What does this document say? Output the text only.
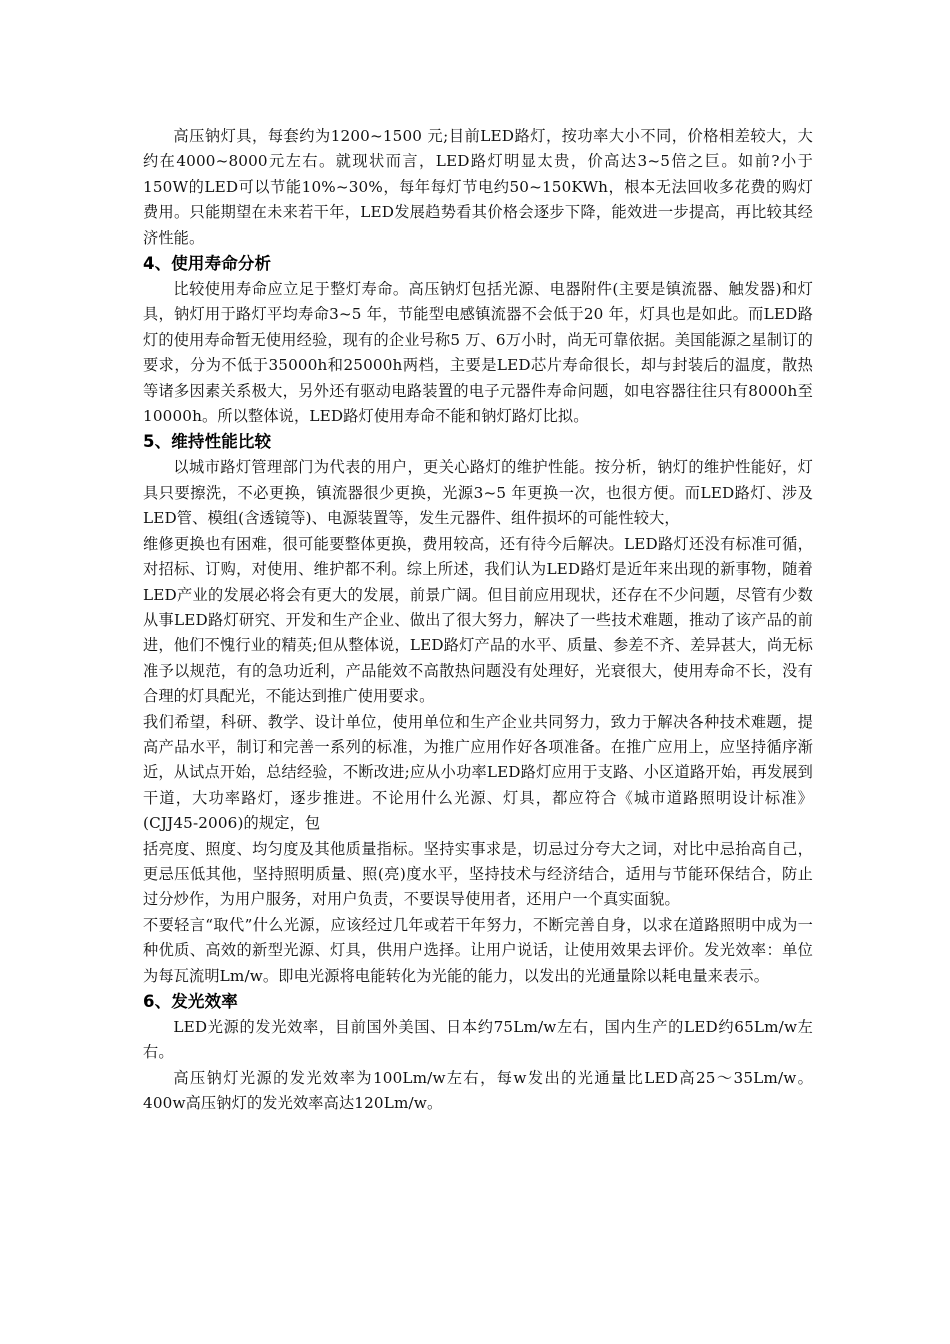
高压钠灯具，每套约为1200~1500 元;目前LED路灯，按功率大小不同，价格相差较大，大约在4000~8000元左右。就现状而言，LED路灯明显太贵，价高达3~5倍之巨。如前?小于150W的LED可以节能10%~30%，每年每灯节电约50~150KWh，根本无法回收多花费的购灯费用。只能期望在未来若干年，LED发展趋势看其价格会逐步下降，能效进一步提高，再比较其经济性能。

4、使用寿命分析

比较使用寿命应立足于整灯寿命。高压钠灯包括光源、电器附件(主要是镇流器、触发器)和灯具，钠灯用于路灯平均寿命3~5 年，节能型电感镇流器不会低于20 年，灯具也是如此。而LED路灯的使用寿命暂无使用经验，现有的企业号称5 万、6万小时，尚无可靠依据。美国能源之星制订的要求，分为不低于35000h和25000h两档，主要是LED芯片寿命很长，却与封装后的温度，散热等诸多因素关系极大，另外还有驱动电路装置的电子元器件寿命问题，如电容器往往只有8000h至10000h。所以整体说，LED路灯使用寿命不能和钠灯路灯比拟。

5、维持性能比较

以城市路灯管理部门为代表的用户，更关心路灯的维护性能。按分析，钠灯的维护性能好，灯具只要擦洗，不必更换，镇流器很少更换，光源3~5 年更换一次，也很方便。而LED路灯、涉及LED管、模组(含透镜等)、电源装置等，发生元器件、组件损坏的可能性较大，

维修更换也有困难，很可能要整体更换，费用较高，还有待今后解决。LED路灯还没有标准可循，对招标、订购，对使用、维护都不利。综上所述，我们认为LED路灯是近年来出现的新事物，随着LED产业的发展必将会有更大的发展，前景广阔。但目前应用现状，还存在不少问题，尽管有少数从事LED路灯研究、开发和生产企业、做出了很大努力，解决了一些技术难题，推动了该产品的前进，他们不愧行业的精英;但从整体说，LED路灯产品的水平、质量、参差不齐、差异甚大，尚无标准予以规范，有的急功近利，产品能效不高散热问题没有处理好，光衰很大，使用寿命不长，没有合理的灯具配光，不能达到推广使用要求。

我们希望，科研、教学、设计单位，使用单位和生产企业共同努力，致力于解决各种技术难题，提高产品水平，制订和完善一系列的标准，为推广应用作好各项准备。在推广应用上，应坚持循序渐近，从试点开始，总结经验，不断改进;应从小功率LED路灯应用于支路、小区道路开始，再发展到干道，大功率路灯，逐步推进。不论用什么光源、灯具，都应符合《城市道路照明设计标准》(CJJ45-2006)的规定，包

括亮度、照度、均匀度及其他质量指标。坚持实事求是，切忌过分夸大之词，对比中忌抬高自己，更忌压低其他，坚持照明质量、照(亮)度水平，坚持技术与经济结合，适用与节能环保结合，防止过分炒作，为用户服务，对用户负责，不要误导使用者，还用户一个真实面貌。

不要轻言“取代”什么光源，应该经过几年或若干年努力，不断完善自身，以求在道路照明中成为一种优质、高效的新型光源、灯具，供用户选择。让用户说话，让使用效果去评价。发光效率：单位为每瓦流明Lm/w。即电光源将电能转化为光能的能力，以发出的光通量除以耗电量来表示。

6、发光效率

LED光源的发光效率，目前国外美国、日本约75Lm/w左右，国内生产的LED约65Lm/w左右。

高压钠灯光源的发光效率为100Lm/w左右，每w发出的光通量比LED高25～35Lm/w。400w高压钠灯的发光效率高达120Lm/w。
